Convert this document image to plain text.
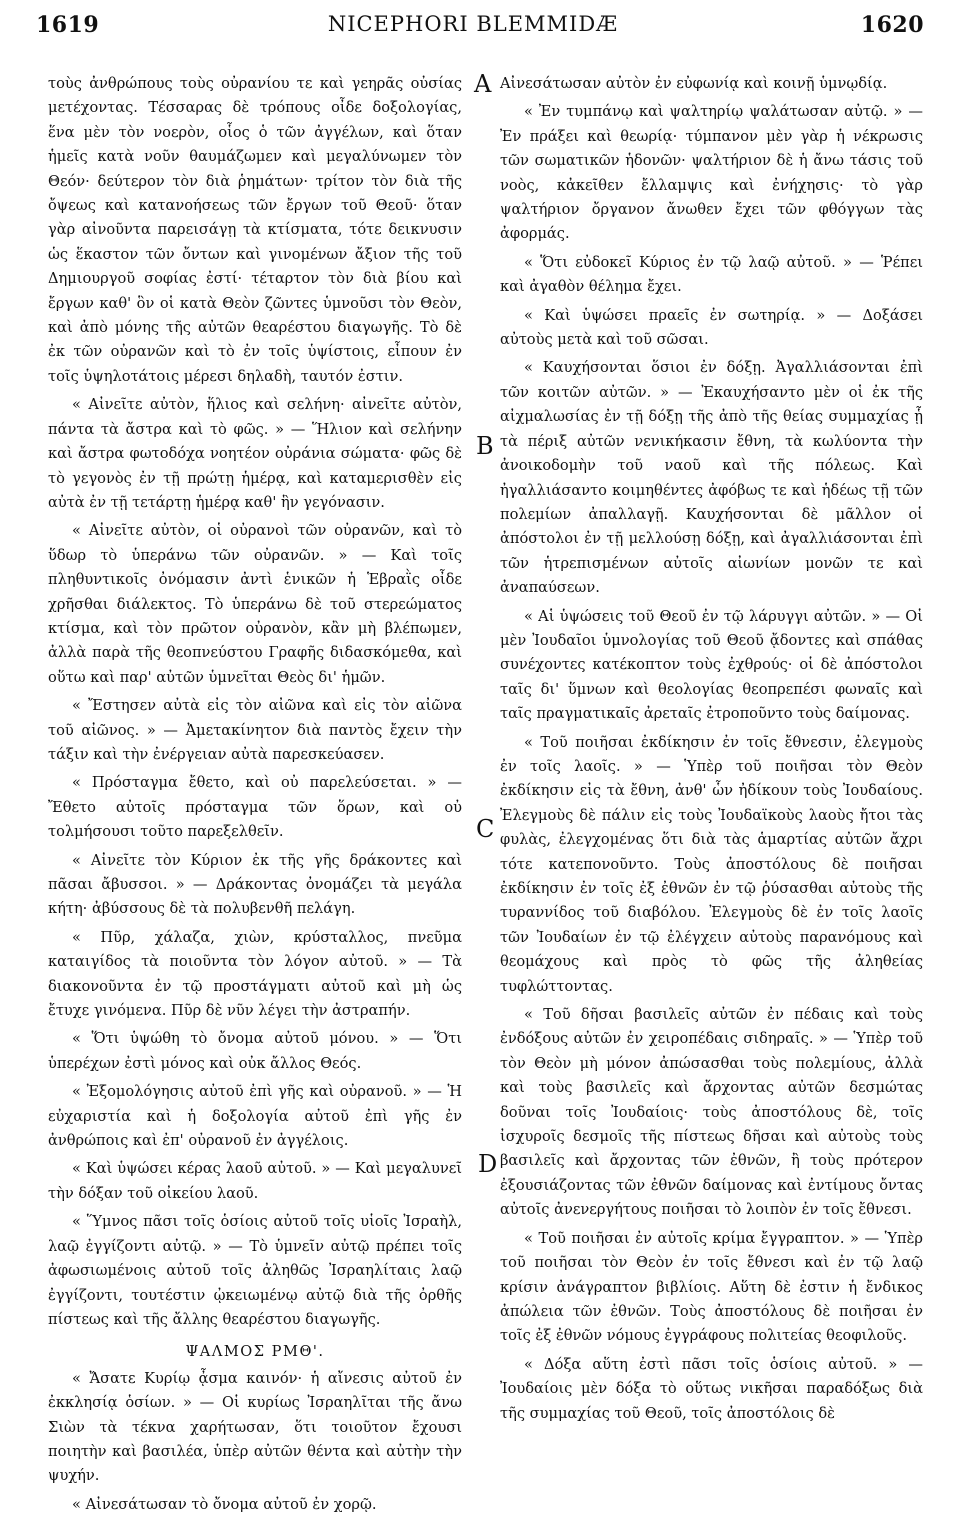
1619	NICEPHORI BLEMMIDÆ	1620
A
B
C
D

τοὺς ἀνθρώπους τοὺς οὐρανίου τε καὶ γεηρᾶς οὐσίας μετέχοντας. Τέσσαρας δὲ τρόπους οἶδε δοξολογίας, ἕνα μὲν τὸν νοερὸν, οἷος ὁ τῶν ἀγγέλων, καὶ ὅταν ἡμεῖς κατὰ νοῦν θαυμάζωμεν καὶ μεγαλύνωμεν τὸν Θεόν· δεύτερον τὸν διὰ ῥημάτων· τρίτον τὸν διὰ τῆς ὄψεως καὶ κατανοήσεως τῶν ἔργων τοῦ Θεοῦ· ὅταν γὰρ αἰνοῦντα παρεισάγῃ τὰ κτίσματα, τότε δεικνυσιν ὡς ἕκαστον τῶν ὄντων καὶ γινομένων ἄξιον τῆς τοῦ Δημιουργοῦ σοφίας ἐστί· τέταρτον τὸν διὰ βίου καὶ ἔργων καθ' ὃν οἱ κατὰ Θεὸν ζῶντες ὑμνοῦσι τὸν Θεὸν, καὶ ἀπὸ μόνης τῆς αὐτῶν θεαρέστου διαγωγῆς. Τὸ δὲ ἐκ τῶν οὐρανῶν καὶ τὸ ἐν τοῖς ὑψίστοις, εἶπουν ἐν τοῖς ὑψηλοτάτοις μέρεσι δηλαδὴ, ταυτόν ἐστιν.

« Αἰνεῖτε αὐτὸν, ἥλιος καὶ σελήνη· αἰνεῖτε αὐτὸν, πάντα τὰ ἄστρα καὶ τὸ φῶς. » — Ἥλιον καὶ σελήνην καὶ ἄστρα φωτοδόχα νοητέον οὐράνια σώματα· φῶς δὲ τὸ γεγονὸς ἐν τῇ πρώτῃ ἡμέρᾳ, καὶ καταμερισθὲν εἰς αὐτὰ ἐν τῇ τετάρτῃ ἡμέρᾳ καθ' ἣν γεγόνασιν.

« Αἰνεῖτε αὐτὸν, οἱ οὐρανοὶ τῶν οὐρανῶν, καὶ τὸ ὕδωρ τὸ ὑπεράνω τῶν οὐρανῶν. » — Καὶ τοῖς πληθυντικοῖς ὀνόμασιν ἀντὶ ἑνικῶν ἡ Ἑβραῒς οἶδε χρῆσθαι διάλεκτος. Τὸ ὑπεράνω δὲ τοῦ στερεώματος κτίσμα, καὶ τὸν πρῶτον οὐρανὸν, κἂν μὴ βλέπωμεν, ἀλλὰ παρὰ τῆς θεοπνεύστου Γραφῆς διδασκόμεθα, καὶ οὕτω καὶ παρ' αὐτῶν ὑμνεῖται Θεὸς δι' ἡμῶν.

« Ἔστησεν αὐτὰ εἰς τὸν αἰῶνα καὶ εἰς τὸν αἰῶνα τοῦ αἰῶνος. » — Ἀμετακίνητον διὰ παντὸς ἔχειν τὴν τάξιν καὶ τὴν ἐνέργειαν αὐτὰ παρεσκεύασεν.

« Πρόσταγμα ἔθετο, καὶ οὐ παρελεύσεται. » — Ἔθετο αὐτοῖς πρόσταγμα τῶν ὅρων, καὶ οὐ τολμήσουσι τοῦτο παρεξελθεῖν.

« Αἰνεῖτε τὸν Κύριον ἐκ τῆς γῆς δράκοντες καὶ πᾶσαι ἄβυσσοι. » — Δράκοντας ὀνομάζει τὰ μεγάλα κήτη· ἀβύσσους δὲ τὰ πολυβενθῆ πελάγη.

« Πῦρ, χάλαζα, χιὼν, κρύσταλλος, πνεῦμα καταιγίδος τὰ ποιοῦντα τὸν λόγον αὐτοῦ. » — Τὰ διακονοῦντα ἐν τῷ προστάγματι αὐτοῦ καὶ μὴ ὡς ἔτυχε γινόμενα. Πῦρ δὲ νῦν λέγει τὴν ἀστραπήν.

« Ὅτι ὑψώθη τὸ ὄνομα αὐτοῦ μόνου. » — Ὅτι ὑπερέχων ἐστὶ μόνος καὶ οὐκ ἄλλος Θεός.

« Ἐξομολόγησις αὐτοῦ ἐπὶ γῆς καὶ οὐρανοῦ. » — Ἡ εὐχαριστία καὶ ἡ δοξολογία αὐτοῦ ἐπὶ γῆς ἐν ἀνθρώποις καὶ ἐπ' οὐρανοῦ ἐν ἀγγέλοις.

« Καὶ ὑψώσει κέρας λαοῦ αὐτοῦ. » — Καὶ μεγαλυνεῖ τὴν δόξαν τοῦ οἰκείου λαοῦ.

« Ὕμνος πᾶσι τοῖς ὁσίοις αὐτοῦ τοῖς υἱοῖς Ἰσραὴλ, λαῷ ἐγγίζοντι αὐτῷ. » — Τὸ ὑμνεῖν αὐτῷ πρέπει τοῖς ἀφωσιωμένοις αὐτοῦ τοῖς ἀληθῶς Ἰσραηλίταις λαῷ ἐγγίζοντι, τουτέστιν ᾠκειωμένῳ αὐτῷ διὰ τῆς ὀρθῆς πίστεως καὶ τῆς ἄλλης θεαρέστου διαγωγῆς.

ΨΑΛΜΟΣ ΡΜΘ'.

« Ἄσατε Κυρίῳ ᾆσμα καινόν· ἡ αἴνεσις αὐτοῦ ἐν ἐκκλησίᾳ ὁσίων. » — Οἱ κυρίως Ἰσραηλῖται τῆς ἄνω Σιὼν τὰ τέκνα χαρήτωσαν, ὅτι τοιοῦτον ἔχουσι ποιητὴν καὶ βασιλέα, ὑπὲρ αὐτῶν θέντα καὶ αὐτὴν τὴν ψυχήν.

« Αἰνεσάτωσαν τὸ ὄνομα αὐτοῦ ἐν χορῷ.

Αἰνεσάτωσαν αὐτὸν ἐν εὐφωνίᾳ καὶ κοινῇ ὑμνῳδίᾳ.

« Ἐν τυμπάνῳ καὶ ψαλτηρίῳ ψαλάτωσαν αὐτῷ. » — Ἐν πράξει καὶ θεωρίᾳ· τύμπανον μὲν γὰρ ἡ νέκρωσις τῶν σωματικῶν ἡδονῶν· ψαλτήριον δὲ ἡ ἄνω τάσις τοῦ νοὸς, κἀκεῖθεν ἔλλαμψις καὶ ἐνήχησις· τὸ γὰρ ψαλτήριον ὄργανον ἄνωθεν ἔχει τῶν φθόγγων τὰς ἀφορμάς.

« Ὅτι εὐδοκεῖ Κύριος ἐν τῷ λαῷ αὐτοῦ. » — Ῥέπει καὶ ἀγαθὸν θέλημα ἔχει.

« Καὶ ὑψώσει πραεῖς ἐν σωτηρίᾳ. » — Δοξάσει αὐτοὺς μετὰ καὶ τοῦ σῶσαι.

« Καυχήσονται ὅσιοι ἐν δόξῃ. Ἀγαλλιάσονται ἐπὶ τῶν κοιτῶν αὐτῶν. » — Ἐκαυχήσαντο μὲν οἱ ἐκ τῆς αἰχμαλωσίας ἐν τῇ δόξῃ τῆς ἀπὸ τῆς θείας συμμαχίας ᾗ τὰ πέριξ αὐτῶν νενικήκασιν ἔθνη, τὰ κωλύοντα τὴν ἀνοικοδομὴν τοῦ ναοῦ καὶ τῆς πόλεως. Καὶ ἠγαλλιάσαντο κοιμηθέντες ἀφόβως τε καὶ ἡδέως τῇ τῶν πολεμίων ἀπαλλαγῇ. Καυχήσονται δὲ μᾶλλον οἱ ἀπόστολοι ἐν τῇ μελλούσῃ δόξῃ, καὶ ἀγαλλιάσονται ἐπὶ τῶν ἡτρεπισμένων αὐτοῖς αἰωνίων μονῶν τε καὶ ἀναπαύσεων.

« Αἱ ὑψώσεις τοῦ Θεοῦ ἐν τῷ λάρυγγι αὐτῶν. » — Οἱ μὲν Ἰουδαῖοι ὑμνολογίας τοῦ Θεοῦ ᾄδοντες καὶ σπάθας συνέχοντες κατέκοπτον τοὺς ἐχθρούς· οἱ δὲ ἀπόστολοι ταῖς δι' ὕμνων καὶ θεολογίας θεοπρεπέσι φωναῖς καὶ ταῖς πραγματικαῖς ἀρεταῖς ἐτροποῦντο τοὺς δαίμονας.

« Τοῦ ποιῆσαι ἐκδίκησιν ἐν τοῖς ἔθνεσιν, ἐλεγμοὺς ἐν τοῖς λαοῖς. » — Ὑπὲρ τοῦ ποιῆσαι τὸν Θεὸν ἐκδίκησιν εἰς τὰ ἔθνη, ἀνθ' ὧν ἠδίκουν τοὺς Ἰουδαίους. Ἐλεγμοὺς δὲ πάλιν εἰς τοὺς Ἰουδαϊκοὺς λαοὺς ἤτοι τὰς φυλὰς, ἐλεγχομένας ὅτι διὰ τὰς ἁμαρτίας αὐτῶν ἄχρι τότε κατεπονοῦντο. Τοὺς ἀποστόλους δὲ ποιῆσαι ἐκδίκησιν ἐν τοῖς ἐξ ἐθνῶν ἐν τῷ ῥύσασθαι αὐτοὺς τῆς τυραννίδος τοῦ διαβόλου. Ἐλεγμοὺς δὲ ἐν τοῖς λαοῖς τῶν Ἰουδαίων ἐν τῷ ἐλέγχειν αὐτοὺς παρανόμους καὶ θεομάχους καὶ πρὸς τὸ φῶς τῆς ἀληθείας τυφλώττοντας.

« Τοῦ δῆσαι βασιλεῖς αὐτῶν ἐν πέδαις καὶ τοὺς ἐνδόξους αὐτῶν ἐν χειροπέδαις σιδηραῖς. » — Ὑπὲρ τοῦ τὸν Θεὸν μὴ μόνον ἀπώσασθαι τοὺς πολεμίους, ἀλλὰ καὶ τοὺς βασιλεῖς καὶ ἄρχοντας αὐτῶν δεσμώτας δοῦναι τοῖς Ἰουδαίοις· τοὺς ἀποστόλους δὲ, τοῖς ἰσχυροῖς δεσμοῖς τῆς πίστεως δῆσαι καὶ αὐτοὺς τοὺς βασιλεῖς καὶ ἄρχοντας τῶν ἐθνῶν, ἢ τοὺς πρότερον ἐξουσιάζοντας τῶν ἐθνῶν δαίμονας καὶ ἐντίμους ὄντας αὐτοῖς ἀνενεργήτους ποιῆσαι τὸ λοιπὸν ἐν τοῖς ἔθνεσι.

« Τοῦ ποιῆσαι ἐν αὐτοῖς κρίμα ἔγγραπτον. » — Ὑπὲρ τοῦ ποιῆσαι τὸν Θεὸν ἐν τοῖς ἔθνεσι καὶ ἐν τῷ λαῷ κρίσιν ἀνάγραπτον βιβλίοις. Αὕτη δὲ ἐστιν ἡ ἔνδικος ἀπώλεια τῶν ἐθνῶν. Τοὺς ἀποστόλους δὲ ποιῆσαι ἐν τοῖς ἐξ ἐθνῶν νόμους ἐγγράφους πολιτείας θεοφιλοῦς.

« Δόξα αὕτη ἐστὶ πᾶσι τοῖς ὁσίοις αὐτοῦ. » — Ἰουδαίοις μὲν δόξα τὸ οὕτως νικῆσαι παραδόξως διὰ τῆς συμμαχίας τοῦ Θεοῦ, τοῖς ἀποστόλοις δὲ
